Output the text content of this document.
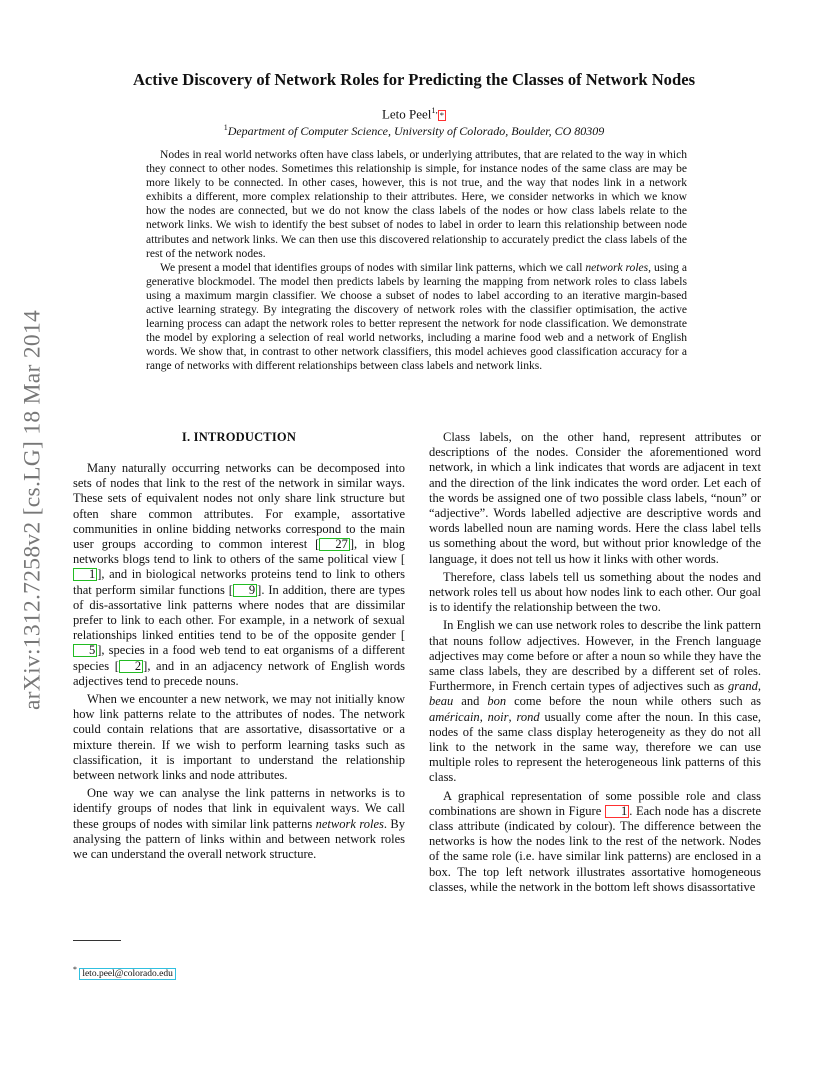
Active Discovery of Network Roles for Predicting the Classes of Network Nodes
Leto Peel$^{1,}$*
$^1$Department of Computer Science, University of Colorado, Boulder, CO 80309

Nodes in real world networks often have class labels, or underlying attributes, that are related to the way in which they connect to other nodes. Sometimes this relationship is simple, for instance nodes of the same class are may be more likely to be connected. In other cases, however, this is not true, and the way that nodes link in a network exhibits a different, more complex relationship to their attributes. Here, we consider networks in which we know how the nodes are connected, but we do not know the class labels of the nodes or how class labels relate to the network links. We wish to identify the best subset of nodes to label in order to learn this relationship between node attributes and network links. We can then use this discovered relationship to accurately predict the class labels of the rest of the network nodes.

We present a model that identifies groups of nodes with similar link patterns, which we call network roles, using a generative blockmodel. The model then predicts labels by learning the mapping from network roles to class labels using a maximum margin classifier. We choose a subset of nodes to label according to an iterative margin-based active learning strategy. By integrating the discovery of network roles with the classifier optimisation, the active learning process can adapt the network roles to better represent the network for node classification. We demonstrate the model by exploring a selection of real world networks, including a marine food web and a network of English words. We show that, in contrast to other network classifiers, this model achieves good classification accuracy for a range of networks with different relationships between class labels and network links.

arXiv:1312.7258v2 [cs.LG] 18 Mar 2014	I. INTRODUCTION

Many naturally occurring networks can be decomposed into sets of nodes that link to the rest of the network in similar ways. These sets of equivalent nodes not only share link structure but often share common attributes. For example, assortative communities in online bidding networks correspond to the main user groups according to common interest [ 27 ], in blog networks blogs tend to link to others of the same political view [1 ], and in biological networks proteins tend to link to others that perform similar functions [ 9 ]. In addition, there are types of dis-assortative link patterns where nodes that are dissimilar prefer to link to each other. For example, in a network of sexual relationships linked entities tend to be of the opposite gender [5 ], species in a food web tend to eat organisms of a different species [ 2 ], and in an adjacency network of English words adjectives tend to precede nouns.

When we encounter a new network, we may not initially know how link patterns relate to the attributes of nodes. The network could contain relations that are assortative, disassortative or a mixture therein. If we wish to perform learning tasks such as classification, it is important to understand the relationship between network links and node attributes.

One way we can analyse the link patterns in networks is to identify groups of nodes that link in equivalent ways. We call these groups of nodes with similar link patterns network roles. By analysing the pattern of links within and between network roles we can understand the overall network structure.

Class labels, on the other hand, represent attributes or descriptions of the nodes. Consider the aforementioned word network, in which a link indicates that words are adjacent in text and the direction of the link indicates the word order. Let each of the words be assigned one of two possible class labels, “noun” or “adjective”. Words labelled adjective are descriptive words and words labelled noun are naming words. Here the class label tells us something about the word, but without prior knowledge of the language, it does not tell us how it links with other words.

Therefore, class labels tell us something about the nodes and network roles tell us about how nodes link to each other. Our goal is to identify the relationship between the two.

In English we can use network roles to describe the link pattern that nouns follow adjectives. However, in the French language adjectives may come before or after a noun so while they have the same class labels, they are described by a different set of roles. Furthermore, in French certain types of adjectives such as grand, beau and bon come before the noun while others such as américain, noir, rond usually come after the noun. In this case, nodes of the same class display heterogeneity as they do not all link to the network in the same way, therefore we can use multiple roles to represent the heterogeneous link patterns of this class.

A graphical representation of some possible role and class combinations are shown in Figure 1 . Each node has a discrete class attribute (indicated by colour). The difference between the networks is how the nodes link to the rest of the network. Nodes of the same role (i.e. have similar link patterns) are enclosed in a box. The top left network illustrates assortative homogeneous classes, while the network in the bottom left shows disassortative

* leto.peel@colorado.edu
